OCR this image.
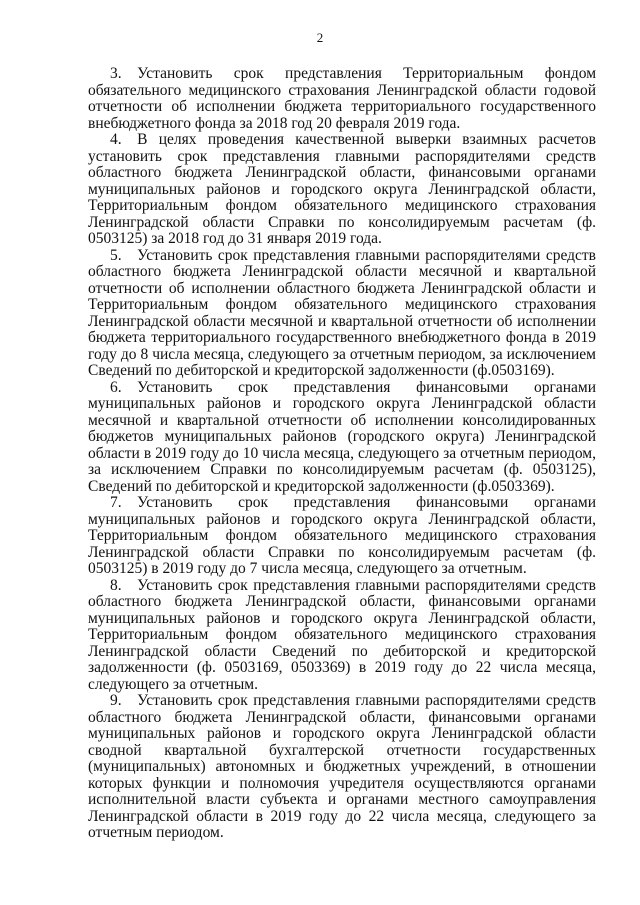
2

3. Установить срок представления Территориальным фондом обязательного медицинского страхования Ленинградской области годовой отчетности об исполнении бюджета территориального государственного внебюджетного фонда за 2018 год 20 февраля 2019 года.

4. В целях проведения качественной выверки взаимных расчетов установить срок представления главными распорядителями средств областного бюджета Ленинградской области, финансовыми органами муниципальных районов и городского округа Ленинградской области, Территориальным фондом обязательного медицинского страхования Ленинградской области Справки по консолидируемым расчетам (ф. 0503125) за 2018 год до 31 января 2019 года.

5. Установить срок представления главными распорядителями средств областного бюджета Ленинградской области месячной и квартальной отчетности об исполнении областного бюджета Ленинградской области и Территориальным фондом обязательного медицинского страхования Ленинградской области месячной и квартальной отчетности об исполнении бюджета территориального государственного внебюджетного фонда в 2019 году до 8 числа месяца, следующего за отчетным периодом, за исключением Сведений по дебиторской и кредиторской задолженности (ф.0503169).

6. Установить срок представления финансовыми органами муниципальных районов и городского округа Ленинградской области месячной и квартальной отчетности об исполнении консолидированных бюджетов муниципальных районов (городского округа) Ленинградской области в 2019 году до 10 числа месяца, следующего за отчетным периодом, за исключением Справки по консолидируемым расчетам (ф. 0503125), Сведений по дебиторской и кредиторской задолженности (ф.0503369).

7. Установить срок представления финансовыми органами муниципальных районов и городского округа Ленинградской области, Территориальным фондом обязательного медицинского страхования Ленинградской области Справки по консолидируемым расчетам (ф. 0503125) в 2019 году до 7 числа месяца, следующего за отчетным.

8. Установить срок представления главными распорядителями средств областного бюджета Ленинградской области, финансовыми органами муниципальных районов и городского округа Ленинградской области, Территориальным фондом обязательного медицинского страхования Ленинградской области Сведений по дебиторской и кредиторской задолженности (ф. 0503169, 0503369) в 2019 году до 22 числа месяца, следующего за отчетным.

9. Установить срок представления главными распорядителями средств областного бюджета Ленинградской области, финансовыми органами муниципальных районов и городского округа Ленинградской области сводной квартальной бухгалтерской отчетности государственных (муниципальных) автономных и бюджетных учреждений, в отношении которых функции и полномочия учредителя осуществляются органами исполнительной власти субъекта и органами местного самоуправления Ленинградской области в 2019 году до 22 числа месяца, следующего за отчетным периодом.
